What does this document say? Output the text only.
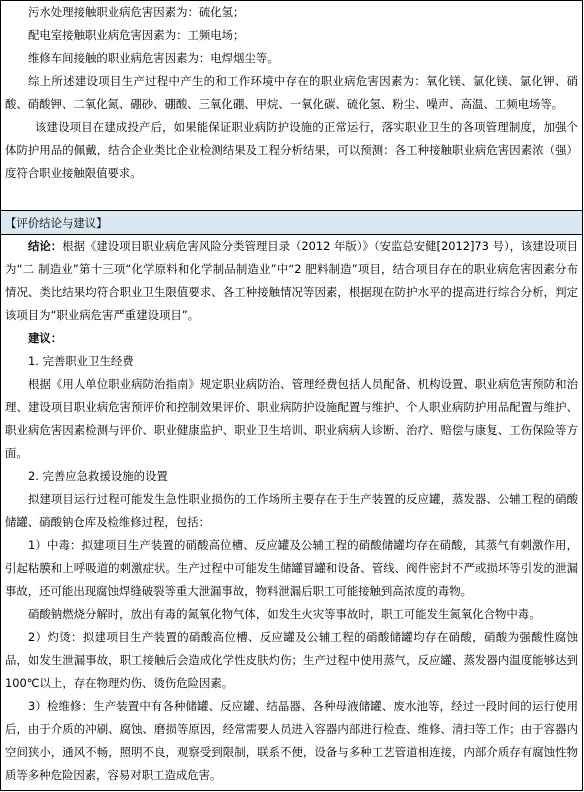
污水处理接触职业病危害因素为：硫化氢；

配电室接触职业病危害因素为：工频电场；

维修车间接触的职业病危害因素为：电焊烟尘等。

综上所述建设项目生产过程中产生的和工作环境中存在的职业病危害因素为：氧化镁、氯化镁、氯化钾、硝酸、硝酸钾、二氧化氮、硼砂、硼酸、三氧化硼、甲烷、一氧化碳、硫化氢、粉尘、噪声、高温、工频电场等。

该建设项目在建成投产后，如果能保证职业病防护设施的正常运行，落实职业卫生的各项管理制度，加强个体防护用品的佩戴，结合企业类比企业检测结果及工程分析结果，可以预测：各工种接触职业病危害因素浓（强）度符合职业接触限值要求。

【评价结论与建议】

结论：根据《建设项目职业病危害风险分类管理目录（2012 年版）》（安监总安健[2012]73 号），该建设项目为“二 制造业”第十三项“化学原料和化学制品制造业”中“2 肥料制造”项目，结合项目存在的职业病危害因素分布情况、类比结果均符合职业卫生限值要求、各工种接触情况等因素，根据现在防护水平的提高进行综合分析，判定该项目为“职业病危害严重建设项目”。

建议：

1. 完善职业卫生经费

根据《用人单位职业病防治指南》规定职业病防治、管理经费包括人员配备、机构设置、职业病危害预防和治理、建设项目职业病危害预评价和控制效果评价、职业病防护设施配置与维护、个人职业病防护用品配置与维护、职业病危害因素检测与评价、职业健康监护、职业卫生培训、职业病病人诊断、治疗、赔偿与康复、工伤保险等方面。

2. 完善应急救援设施的设置

拟建项目运行过程可能发生急性职业损伤的工作场所主要存在于生产装置的反应罐，蒸发器、公辅工程的硝酸储罐、硝酸钠仓库及检维修过程，包括：

1）中毒：拟建项目生产装置的硝酸高位槽、反应罐及公辅工程的硝酸储罐均存在硝酸，其蒸气有刺激作用，引起粘膜和上呼吸道的刺激症状。生产过程中可能发生储罐冒罐和设备、管线、阀件密封不严或损坏等引发的泄漏事故，还可能出现腐蚀焊缝破裂等重大泄漏事故，物料泄漏后职工可能接触到高浓度的毒物。

硝酸钠燃烧分解时，放出有毒的氮氧化物气体，如发生火灾等事故时，职工可能发生氮氧化合物中毒。

2）灼烫：拟建项目生产装置的硝酸高位槽、反应罐及公辅工程的硝酸储罐均存在硝酸，硝酸为强酸性腐蚀品，如发生泄漏事故，职工接触后会造成化学性皮肤灼伤；生产过程中使用蒸气，反应罐、蒸发器内温度能够达到100℃以上，存在物理灼伤、烫伤危险因素。

3）检维修：生产装置中有各种储罐、反应罐、结晶器、各种母液储罐、废水池等，经过一段时间的运行使用后，由于介质的冲刷、腐蚀、磨损等原因，经常需要人员进入容器内部进行检查、维修、清扫等工作；由于容器内空间狭小，通风不畅，照明不良，观察受到限制，联系不便，设备与多种工艺管道相连接，内部介质存有腐蚀性物质等多种危险因素，容易对职工造成危害。
